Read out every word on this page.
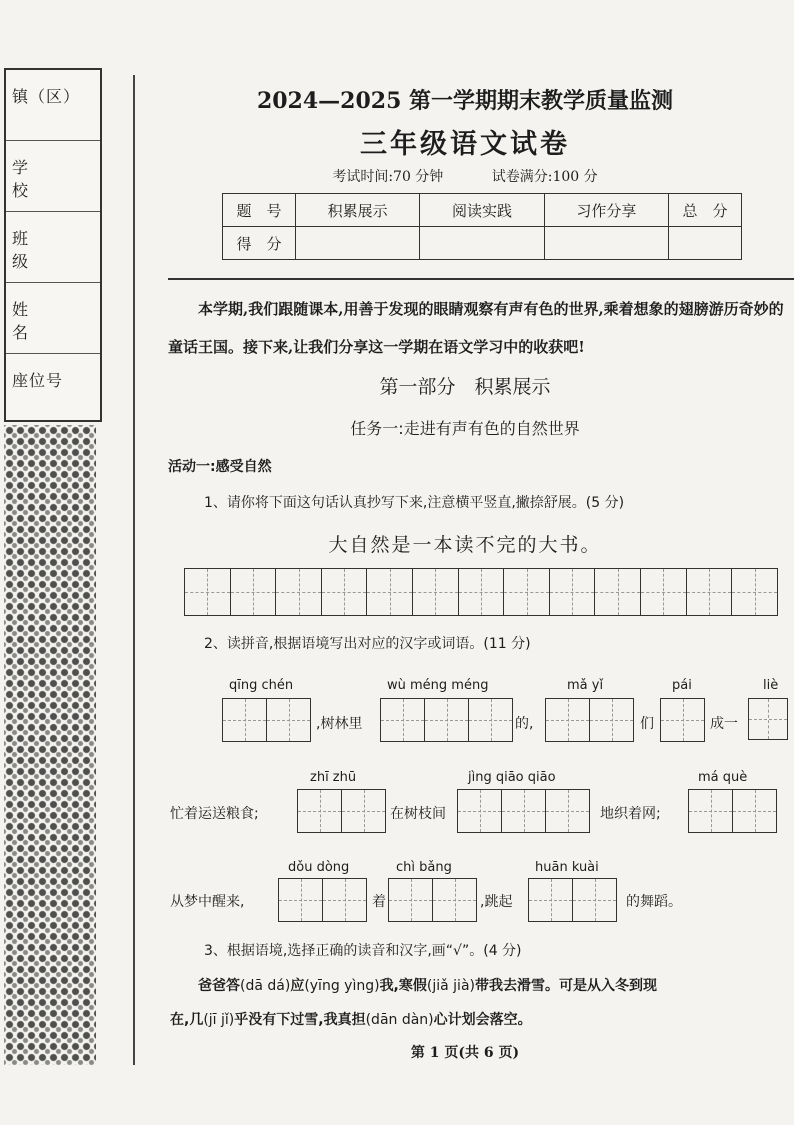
镇（区）
学校
班级
姓名
座位号
2024—2025 第一学期期末教学质量监测
三年级语文试卷
考试时间:70 分钟	试卷满分:100 分
题　号	积累展示	阅读实践	习作分享	总　分
得　分				
本学期,我们跟随课本,用善于发现的眼睛观察有声有色的世界,乘着想象的翅膀游历奇妙的童话王国。接下来,让我们分享这一学期在语文学习中的收获吧!
第一部分　积累展示
任务一:走进有声有色的自然世界
活动一:感受自然
1、请你将下面这句话认真抄写下来,注意横平竖直,撇捺舒展。(5 分)
大自然是一本读不完的大书。
2、读拼音,根据语境写出对应的汉字或词语。(11 分)
qīng chén
,树林里
wù méng méng
的,
mǎ yǐ
们
pái
成一
liè
忙着运送粮食;
zhī zhū
在树枝间
jìng qiāo qiāo
地织着网;
má què
从梦中醒来,
dǒu dòng
着
chì bǎng
,跳起
huān kuài
的舞蹈。
3、根据语境,选择正确的读音和汉字,画“√”。(4 分)
爸爸答(dā dá)应(yīng yìng)我,寒假(jiǎ jià)带我去滑雪。可是从入冬到现
在,几(jī jǐ)乎没有下过雪,我真担(dān dàn)心计划会落空。
第 1 页(共 6 页)
